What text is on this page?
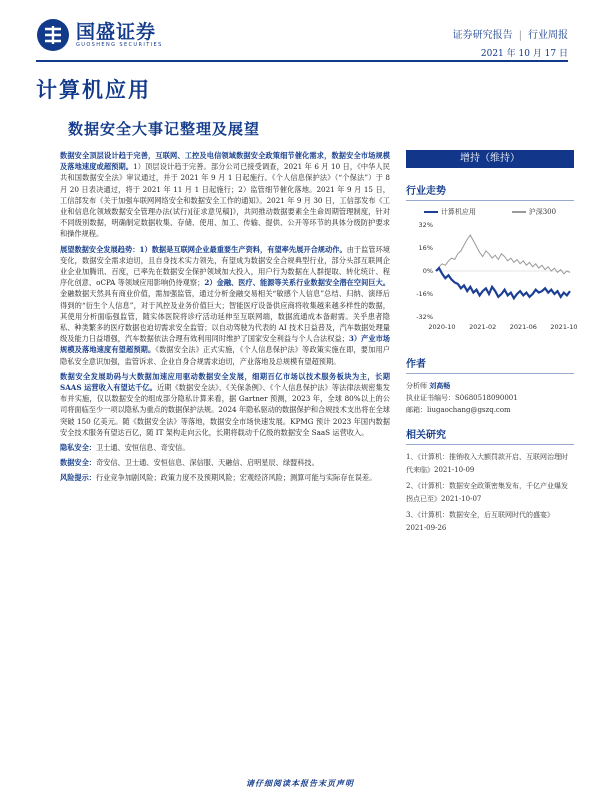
国盛证券
GUOSHENG SECURITIES
证券研究报告 | 行业周报
2021 年 10 月 17 日
计算机应用
数据安全大事记整理及展望

数据安全顶层设计趋于完善，互联网、工控及电信领域数据安全政策细节催化需求，数据安全市场规模及落地速度或超预期。1）顶层设计趋于完善。部分公司已接受调查，2021 年 6 月 10 日，《中华人民共和国数据安全法》审议通过，并于 2021 年 9 月 1 日起施行。《个人信息保护法》（“个保法”）于 8 月 20 日表决通过，将于 2021 年 11 月 1 日起施行；2）监管细节催化落地。2021 年 9 月 15 日，工信部发布《关于加强车联网网络安全和数据安全工作的通知》。2021 年 9 月 30 日，工信部发布《工业和信息化领域数据安全管理办法(试行)[征求意见稿]》，共同推动数据要素全生命周期管理制度，针对不同级别数据，明确制定数据收集、存储、使用、加工、传输、提供、公开等环节的具体分级防护要求和操作规程。

展望数据安全发展趋势：1）数据是互联网企业最重要生产资料，有望率先展开合规动作。由于监管环境变化，数据安全需求迫切，且自身技术实力领先，有望成为数据安全合规典型行业，部分头部互联网企业企业加腾讯、百度，已率先在数据安全保护领域加大投入，用户行为数据在人群提取、转化统计、程序化创意、oCPA 等领域应用影响仍待观察；2）金融、医疗、能源等关系行业数据安全潜在空间巨大。金融数据天然具有商业价值，需加强监管，通过分析金融交易相关“敏感个人信息”总结、归纳、演绎后得到的“衍生个人信息”，对于风控及业务价值巨大；智能医疗设备供应商将收集越来越多样性的数据，其使用分析面临强监管，随实体医院将诊疗活动延伸至互联网端，数据流通成本备耐需。关乎患者隐私、种类繁多的医疗数据也迫切需求安全监管；以自动驾驶为代表的 AI 技术日益普及，汽车数据处理量级及能力日益增强，汽车数据依法合理有效利用同时维护了国家安全利益与个人合法权益；3）产业市场规模及落地速度有望超预期。《数据安全法》正式实施，《个人信息保护法》等政策实施在即，要加用户隐私安全意识加强，监管诉求、企业自身合规需求迫切，产业落地及总规模有望超预期。

数据安全发展助码与大数据加速应用驱动数据安全发展，细期百亿市场以技术服务板块为主，长期 SAAS 运营收入有望达千亿。近期《数据安全法》、《关保条例》、《个人信息保护法》等法律法规密集发布并实施，仅以数据安全的组成部分隐私计算来看，据 Gartner 预测，2023 年，全球 80%以上的公司将面临至少一项以隐私为重点的数据保护法规。2024 年隐私驱动的数据保护和合规技术支出将在全球突破 150 亿美元。随《数据安全法》等落地，数据安全市场快速发展。KPMG 预计 2023 年国内数据安全技术服务有望达百亿，随 IT 架构走向云化，长期将载动千亿级的数据安全 SaaS 运营收入。

隐私安全：卫士通、安恒信息、奇安信。

数据安全：奇安信、卫士通、安恒信息、深信服、天融信、启明星辰、绿盟科技。

风险提示：行业竞争加剧风险；政策力度不及预期风险；宏观经济风险；测算可能与实际存在误差。

增持（维持）
行业走势
计算机应用	沪深300
32%
16%
0%
-16%
-32%
2020-10 2021-02 2021-06 2021-10
作者
分析师 刘高畅
执业证书编号：S0680518090001
邮箱：liugaochang@gszq.com
相关研究
1、《计算机：推销收入大额罚款开启、互联网治理时代来临》2021-10-09
2、《计算机：数据安全政策密集发布，千亿产业爆发拐点已至》2021-10-07
3、《计算机：数据安全，后互联网时代的盛宴》2021-09-26
请仔细阅读本报告末页声明
